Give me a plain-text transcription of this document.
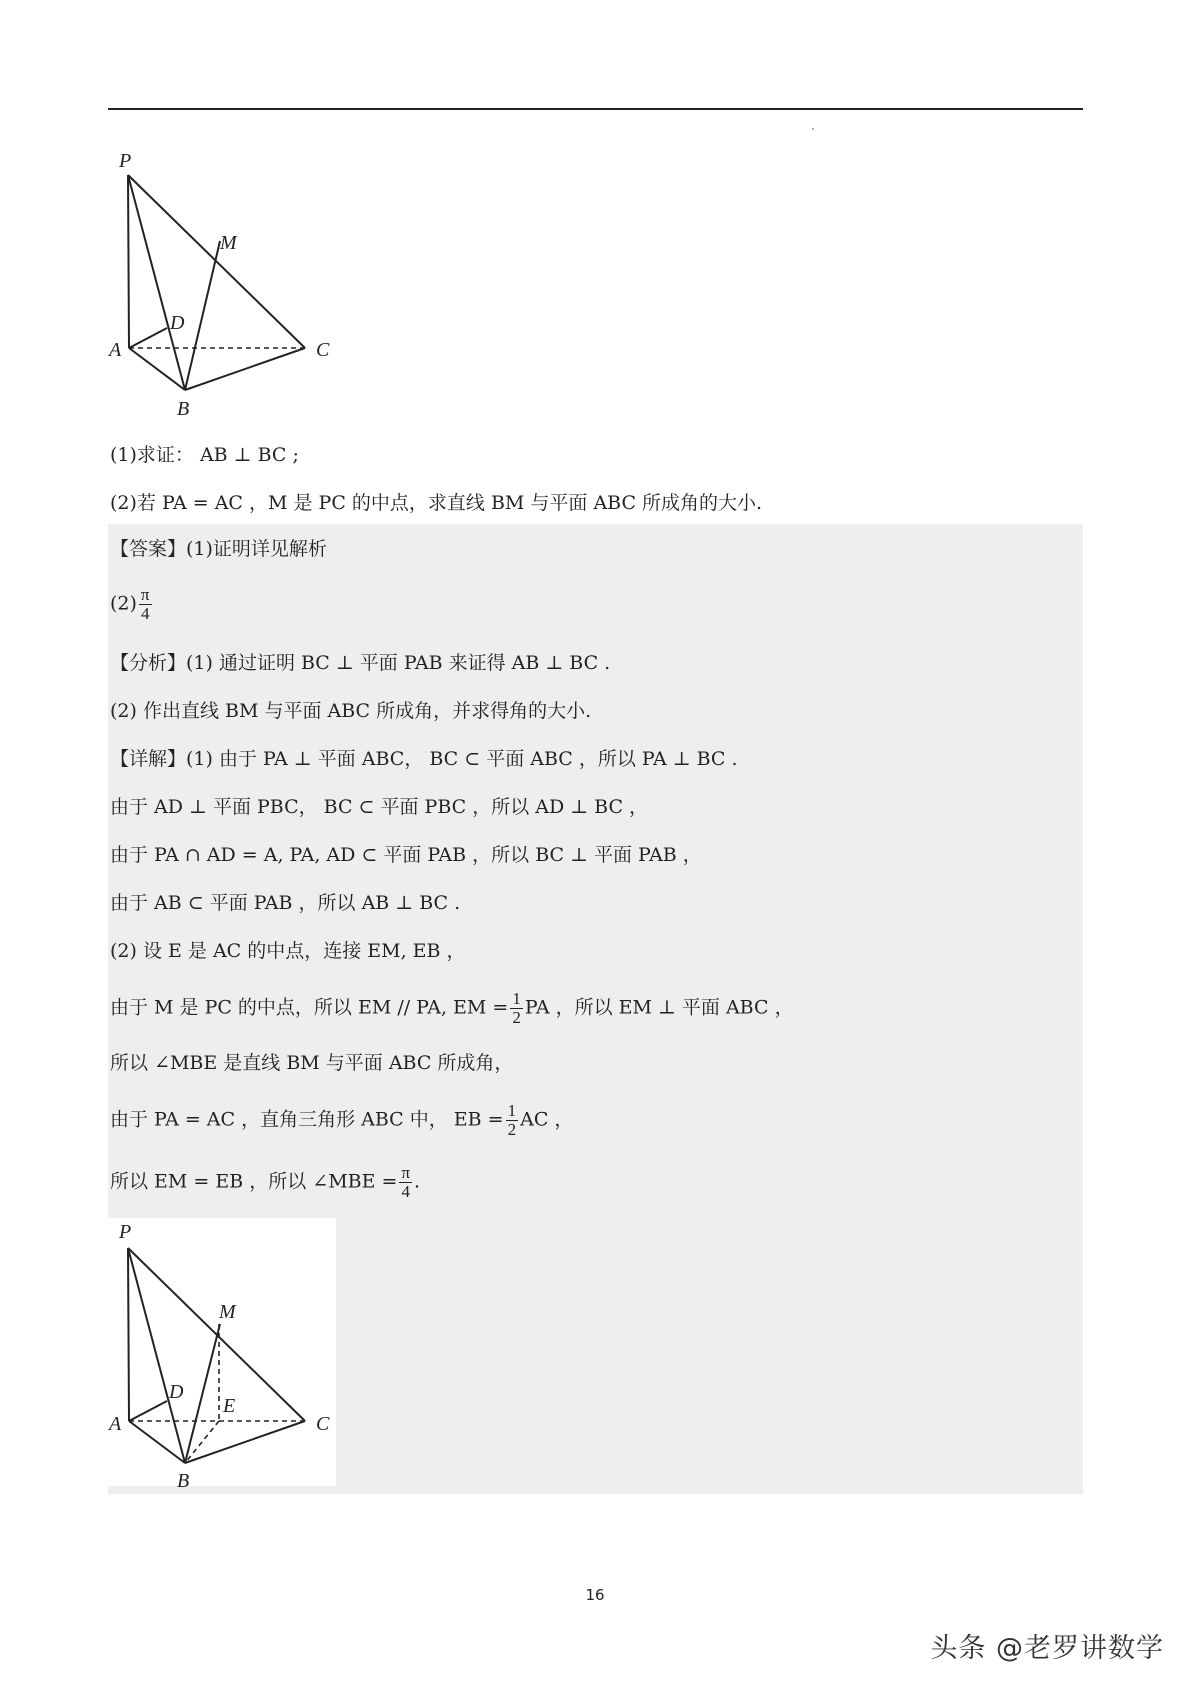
P
M
D
A	C
B
(1)求证： AB ⊥ BC ;
(2)若 PA = AC ，M 是 PC 的中点，求直线 BM 与平面 ABC 所成角的大小.
【答案】(1)证明详见解析
$(2) \frac{\pi}{4}$
【分析】(1) 通过证明 BC ⊥ 平面 PAB 来证得 AB ⊥ BC .
(2) 作出直线 BM 与平面 ABC 所成角，并求得角的大小.
【详解】(1) 由于 PA ⊥ 平面 ABC， BC ⊂ 平面 ABC ，所以 PA ⊥ BC .
由于 AD ⊥ 平面 PBC， BC ⊂ 平面 PBC ，所以 AD ⊥ BC ，
由于 PA ∩ AD = A, PA, AD ⊂ 平面 PAB ，所以 BC ⊥ 平面 PAB ，
由于 AB ⊂ 平面 PAB ，所以 AB ⊥ BC .
(2) 设 E 是 AC 的中点，连接 EM, EB ，
由于 M 是 PC 的中点，所以 EM // PA, EM = $\frac{1}{2}$ PA ，所以 EM ⊥ 平面 ABC ，
所以 ∠MBE 是直线 BM 与平面 ABC 所成角，
由于 PA = AC ，直角三角形 ABC 中， EB = $\frac{1}{2}$ AC ，
所以 EM = EB ，所以 ∠MBE = $\frac{\pi}{4}$ .
P
M
D
E
A	C
B
16
头条 @老罗讲数学
